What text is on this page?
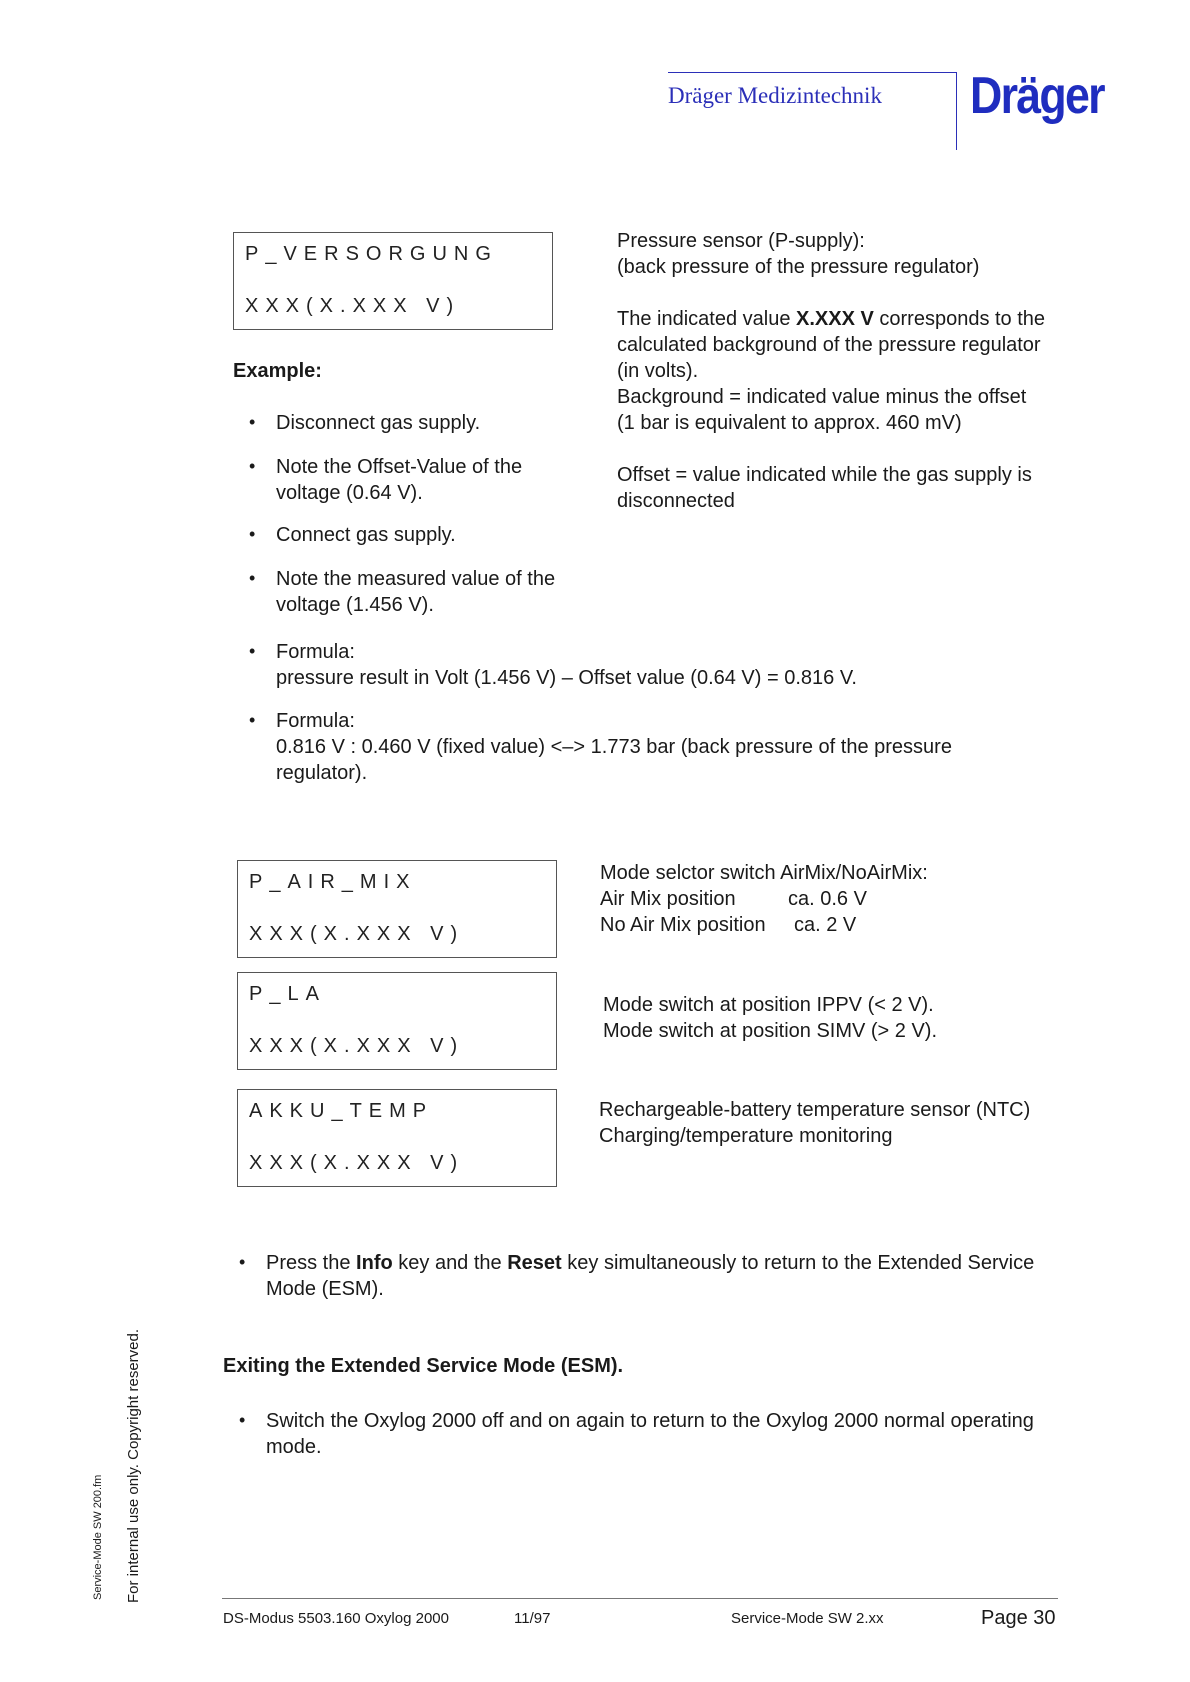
Dräger Medizintechnik Dräger
P_VERSORGUNG
XXX(X.XXX V)
Pressure sensor (P-supply):
(back pressure of the pressure regulator)
The indicated value X.XXX V corresponds to the
calculated background of the pressure regulator
(in volts).
Background = indicated value minus the offset
(1 bar is equivalent to approx. 460 mV)
Offset = value indicated while the gas supply is
disconnected
Example:
• Disconnect gas supply.
• Note the Offset-Value of the
voltage (0.64 V).
• Connect gas supply.
• Note the measured value of the
voltage (1.456 V).
• Formula:
pressure result in Volt (1.456 V) – Offset value (0.64 V) = 0.816 V.
• Formula:
0.816 V : 0.460 V (fixed value) <–> 1.773 bar (back pressure of the pressure
regulator).
P_AIR_MIX
XXX(X.XXX V)
Mode selctor switch AirMix/NoAirMix:
Air Mix position	ca. 0.6 V
No Air Mix position ca. 2 V
P_LA
XXX(X.XXX V)
Mode switch at position IPPV (< 2 V).
Mode switch at position SIMV (> 2 V).
AKKU_TEMP
XXX(X.XXX V)
Rechargeable-battery temperature sensor (NTC)
Charging/temperature monitoring
• Press the Info key and the Reset key simultaneously to return to the Extended Service
Mode (ESM).
Exiting the Extended Service Mode (ESM).
• Switch the Oxylog 2000 off and on again to return to the Oxylog 2000 normal operating
mode.
Service-Mode SW 200.fm For internal use only. Copyright reserved.
DS-Modus 5503.160 Oxylog 2000	11/97	Service-Mode SW 2.xx	Page 30
